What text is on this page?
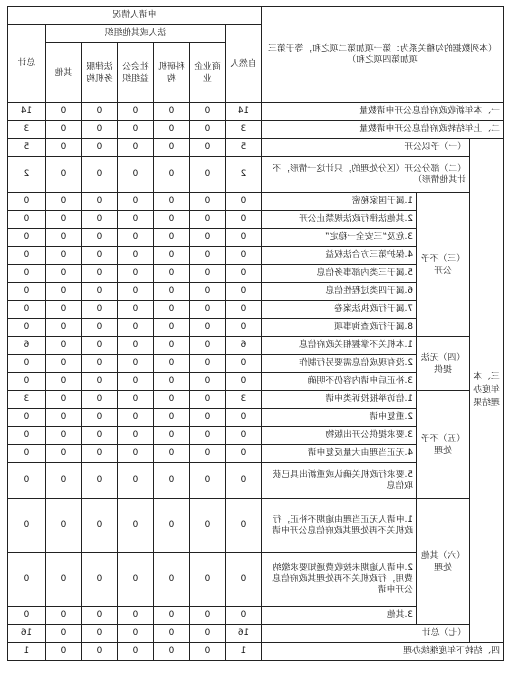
（本列数据的勾稽关系为：第一项加第二项之和，等于第三项加第四项之和）			申请人情况						
			自然人	法人或其他组织					总计
				商业企业	科研机构	社会公益组织	法律服务机构	其他	
一、本年新收政府信息公开申请数量			14	0	0	0	0	0	14
二、上年结转政府信息公开申请数量			3	0	0	0	0	0	3
三、本年度办理结果	（一）予以公开		5	0	0	0	0	0	5
	（二）部分公开（区分处理的，只计这一情形，不计其他情形）		2	0	0	0	0	0	2
	（三）不予公开	1.属于国家秘密	0	0	0	0	0	0	0
		2.其他法律行政法规禁止公开	0	0	0	0	0	0	0
		3.危及“三安全一稳定”	0	0	0	0	0	0	0
		4.保护第三方合法权益	0	0	0	0	0	0	0
		5.属于三类内部事务信息	0	0	0	0	0	0	0
		6.属于四类过程性信息	0	0	0	0	0	0	0
		7.属于行政执法案卷	0	0	0	0	0	0	0
		8.属于行政查询事项	0	0	0	0	0	0	0
	（四）无法提供	1.本机关不掌握相关政府信息	6	0	0	0	0	0	6
		2.没有现成信息需要另行制作	0	0	0	0	0	0	0
		3.补正后申请内容仍不明确	0	0	0	0	0	0	0
	（五）不予处理	1.信访举报投诉类申请	3	0	0	0	0	0	3
		2.重复申请	0	0	0	0	0	0	0
		3.要求提供公开出版物	0	0	0	0	0	0	0
		4.无正当理由大量反复申请	0	0	0	0	0	0	0
		5.要求行政机关确认或重新出具已获取信息	0	0	0	0	0	0	0
	（六）其他处理	1.申请人无正当理由逾期不补正，行政机关不再处理其政府信息公开申请	0	0	0	0	0	0	0
		2.申请人逾期未按收费通知要求缴纳费用，行政机关不再处理其政府信息公开申请	0	0	0	0	0	0	0
		3.其他	0	0	0	0	0	0	0
	（七）总计		16	0	0	0	0	0	16
四、结转下年度继续办理			1	0	0	0	0	0	1
